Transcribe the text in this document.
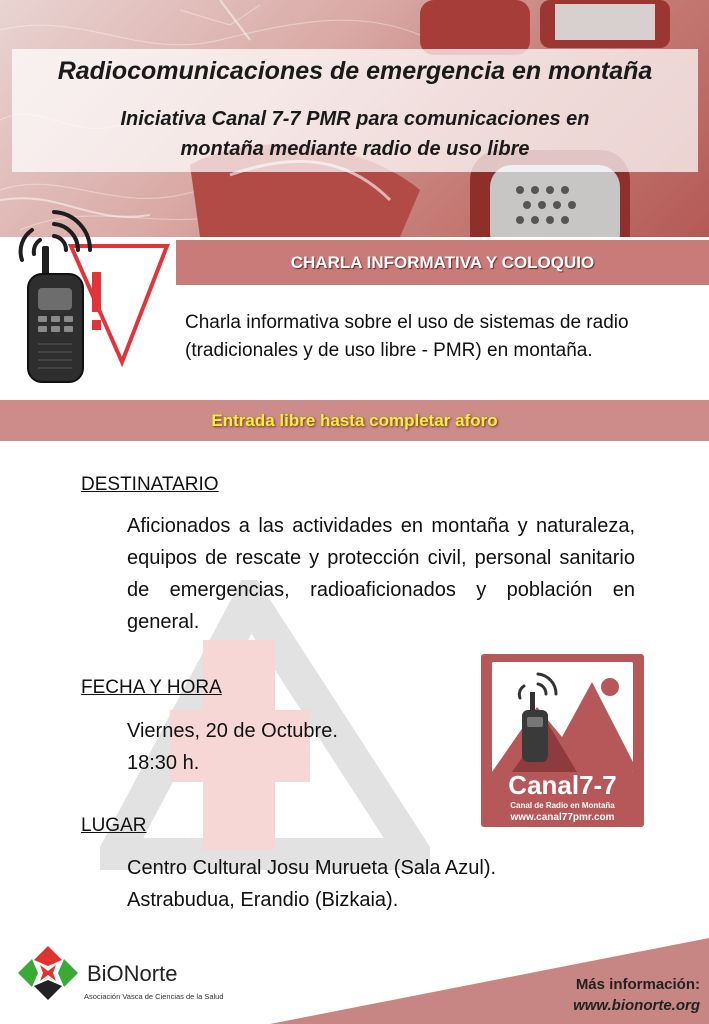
Radiocomunicaciones de emergencia en montaña

Iniciativa Canal 7-7 PMR para comunicaciones en
montaña mediante radio de uso libre

CHARLA INFORMATIVA Y COLOQUIO
Charla informativa sobre el uso de sistemas de radio
(tradicionales y de uso libre - PMR) en montaña.
Entrada libre hasta completar aforo
DESTINATARIO
Aficionados a las actividades en montaña y naturaleza, equipos de rescate y protección civil, personal sanitario de emergencias, radioaficionados y población en general.
FECHA Y HORA
Viernes, 20 de Octubre.
18:30 h.
Canal7-7
Canal de Radio en Montaña
www.canal77pmr.com
LUGAR
Centro Cultural Josu Murueta (Sala Azul).
Astrabudua, Erandio (Bizkaia).
BiONorte
Asociación Vasca de Ciencias de la Salud
Más información:
www.bionorte.org
